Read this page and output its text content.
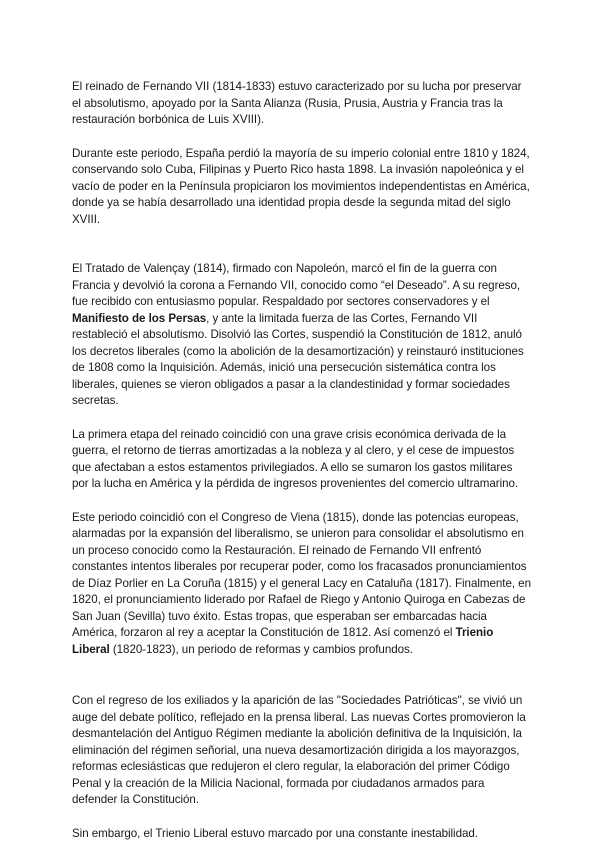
El reinado de Fernando VII (1814-1833) estuvo caracterizado por su lucha por preservar el absolutismo, apoyado por la Santa Alianza (Rusia, Prusia, Austria y Francia tras la restauración borbónica de Luis XVIII).

Durante este periodo, España perdió la mayoría de su imperio colonial entre 1810 y 1824, conservando solo Cuba, Filipinas y Puerto Rico hasta 1898. La invasión napoleónica y el vacío de poder en la Península propiciaron los movimientos independentistas en América, donde ya se había desarrollado una identidad propia desde la segunda mitad del siglo XVIII.

El Tratado de Valençay (1814), firmado con Napoleón, marcó el fin de la guerra con Francia y devolvió la corona a Fernando VII, conocido como “el Deseado”. A su regreso, fue recibido con entusiasmo popular. Respaldado por sectores conservadores y el Manifiesto de los Persas, y ante la limitada fuerza de las Cortes, Fernando VII restableció el absolutismo. Disolvió las Cortes, suspendió la Constitución de 1812, anuló los decretos liberales (como la abolición de la desamortización) y reinstauró instituciones de 1808 como la Inquisición. Además, inició una persecución sistemática contra los liberales, quienes se vieron obligados a pasar a la clandestinidad y formar sociedades secretas.

La primera etapa del reinado coincidió con una grave crisis económica derivada de la guerra, el retorno de tierras amortizadas a la nobleza y al clero, y el cese de impuestos que afectaban a estos estamentos privilegiados. A ello se sumaron los gastos militares por la lucha en América y la pérdida de ingresos provenientes del comercio ultramarino.

Este periodo coincidió con el Congreso de Viena (1815), donde las potencias europeas, alarmadas por la expansión del liberalismo, se unieron para consolidar el absolutismo en un proceso conocido como la Restauración. El reinado de Fernando VII enfrentó constantes intentos liberales por recuperar poder, como los fracasados pronunciamientos de Díaz Porlier en La Coruña (1815) y el general Lacy en Cataluña (1817). Finalmente, en 1820, el pronunciamiento liderado por Rafael de Riego y Antonio Quiroga en Cabezas de San Juan (Sevilla) tuvo éxito. Estas tropas, que esperaban ser embarcadas hacia América, forzaron al rey a aceptar la Constitución de 1812. Así comenzó el Trienio Liberal (1820-1823), un periodo de reformas y cambios profundos.

Con el regreso de los exiliados y la aparición de las "Sociedades Patrióticas", se vivió un auge del debate político, reflejado en la prensa liberal. Las nuevas Cortes promovieron la desmantelación del Antiguo Régimen mediante la abolición definitiva de la Inquisición, la eliminación del régimen señorial, una nueva desamortización dirigida a los mayorazgos, reformas eclesiásticas que redujeron el clero regular, la elaboración del primer Código Penal y la creación de la Milicia Nacional, formada por ciudadanos armados para defender la Constitución.

Sin embargo, el Trienio Liberal estuvo marcado por una constante inestabilidad.
